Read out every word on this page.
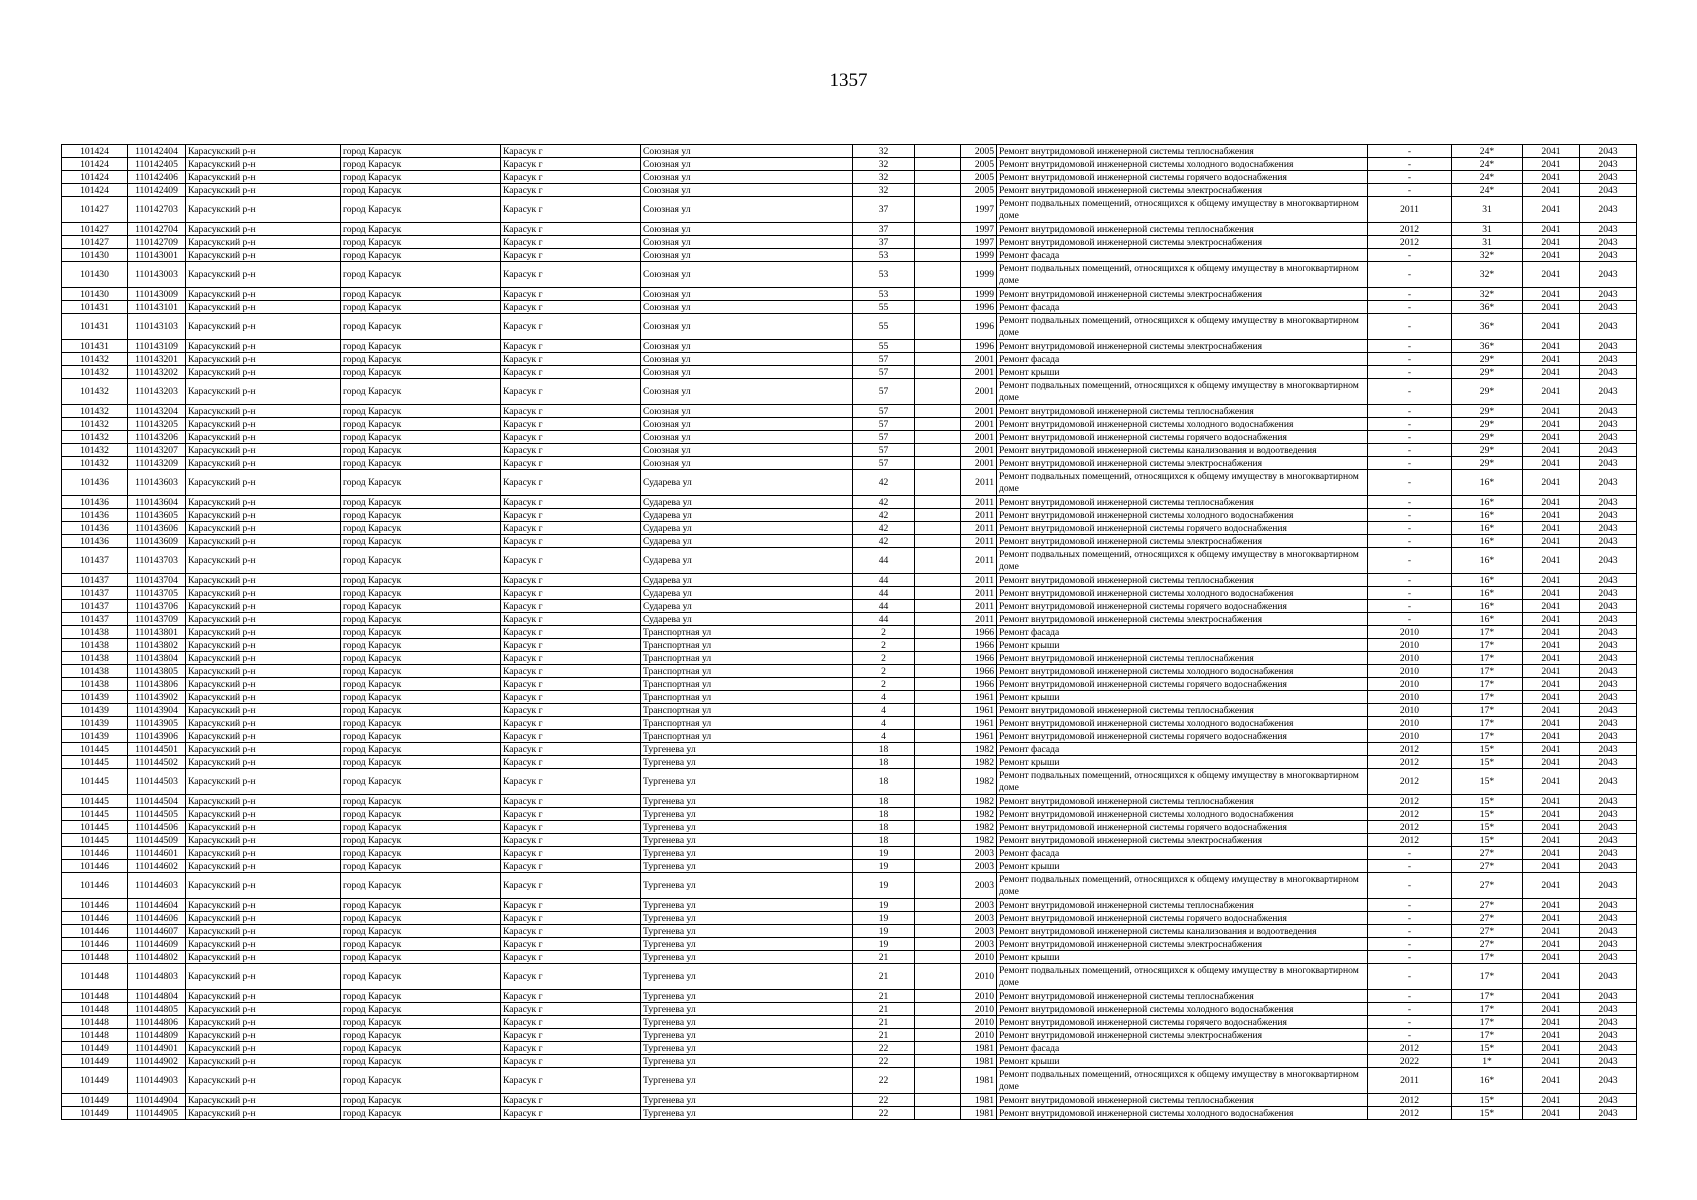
1357
101424	110142404	Карасукский р-н	город Карасук	Карасук г	Союзная ул	32		2005	Ремонт внутридомовой инженерной системы теплоснабжения	-	24*	2041	2043
101424	110142405	Карасукский р-н	город Карасук	Карасук г	Союзная ул	32		2005	Ремонт внутридомовой инженерной системы холодного водоснабжения	-	24*	2041	2043
101424	110142406	Карасукский р-н	город Карасук	Карасук г	Союзная ул	32		2005	Ремонт внутридомовой инженерной системы горячего водоснабжения	-	24*	2041	2043
101424	110142409	Карасукский р-н	город Карасук	Карасук г	Союзная ул	32		2005	Ремонт внутридомовой инженерной системы электроснабжения	-	24*	2041	2043
101427	110142703	Карасукский р-н	город Карасук	Карасук г	Союзная ул	37		1997	Ремонт подвальных помещений, относящихся к общему имуществу в многоквартирном доме	2011	31	2041	2043
101427	110142704	Карасукский р-н	город Карасук	Карасук г	Союзная ул	37		1997	Ремонт внутридомовой инженерной системы теплоснабжения	2012	31	2041	2043
101427	110142709	Карасукский р-н	город Карасук	Карасук г	Союзная ул	37		1997	Ремонт внутридомовой инженерной системы электроснабжения	2012	31	2041	2043
101430	110143001	Карасукский р-н	город Карасук	Карасук г	Союзная ул	53		1999	Ремонт фасада	-	32*	2041	2043
101430	110143003	Карасукский р-н	город Карасук	Карасук г	Союзная ул	53		1999	Ремонт подвальных помещений, относящихся к общему имуществу в многоквартирном доме	-	32*	2041	2043
101430	110143009	Карасукский р-н	город Карасук	Карасук г	Союзная ул	53		1999	Ремонт внутридомовой инженерной системы электроснабжения	-	32*	2041	2043
101431	110143101	Карасукский р-н	город Карасук	Карасук г	Союзная ул	55		1996	Ремонт фасада	-	36*	2041	2043
101431	110143103	Карасукский р-н	город Карасук	Карасук г	Союзная ул	55		1996	Ремонт подвальных помещений, относящихся к общему имуществу в многоквартирном доме	-	36*	2041	2043
101431	110143109	Карасукский р-н	город Карасук	Карасук г	Союзная ул	55		1996	Ремонт внутридомовой инженерной системы электроснабжения	-	36*	2041	2043
101432	110143201	Карасукский р-н	город Карасук	Карасук г	Союзная ул	57		2001	Ремонт фасада	-	29*	2041	2043
101432	110143202	Карасукский р-н	город Карасук	Карасук г	Союзная ул	57		2001	Ремонт крыши	-	29*	2041	2043
101432	110143203	Карасукский р-н	город Карасук	Карасук г	Союзная ул	57		2001	Ремонт подвальных помещений, относящихся к общему имуществу в многоквартирном доме	-	29*	2041	2043
101432	110143204	Карасукский р-н	город Карасук	Карасук г	Союзная ул	57		2001	Ремонт внутридомовой инженерной системы теплоснабжения	-	29*	2041	2043
101432	110143205	Карасукский р-н	город Карасук	Карасук г	Союзная ул	57		2001	Ремонт внутридомовой инженерной системы холодного водоснабжения	-	29*	2041	2043
101432	110143206	Карасукский р-н	город Карасук	Карасук г	Союзная ул	57		2001	Ремонт внутридомовой инженерной системы горячего водоснабжения	-	29*	2041	2043
101432	110143207	Карасукский р-н	город Карасук	Карасук г	Союзная ул	57		2001	Ремонт внутридомовой инженерной системы канализования и водоотведения	-	29*	2041	2043
101432	110143209	Карасукский р-н	город Карасук	Карасук г	Союзная ул	57		2001	Ремонт внутридомовой инженерной системы электроснабжения	-	29*	2041	2043
101436	110143603	Карасукский р-н	город Карасук	Карасук г	Сударева ул	42		2011	Ремонт подвальных помещений, относящихся к общему имуществу в многоквартирном доме	-	16*	2041	2043
101436	110143604	Карасукский р-н	город Карасук	Карасук г	Сударева ул	42		2011	Ремонт внутридомовой инженерной системы теплоснабжения	-	16*	2041	2043
101436	110143605	Карасукский р-н	город Карасук	Карасук г	Сударева ул	42		2011	Ремонт внутридомовой инженерной системы холодного водоснабжения	-	16*	2041	2043
101436	110143606	Карасукский р-н	город Карасук	Карасук г	Сударева ул	42		2011	Ремонт внутридомовой инженерной системы горячего водоснабжения	-	16*	2041	2043
101436	110143609	Карасукский р-н	город Карасук	Карасук г	Сударева ул	42		2011	Ремонт внутридомовой инженерной системы электроснабжения	-	16*	2041	2043
101437	110143703	Карасукский р-н	город Карасук	Карасук г	Сударева ул	44		2011	Ремонт подвальных помещений, относящихся к общему имуществу в многоквартирном доме	-	16*	2041	2043
101437	110143704	Карасукский р-н	город Карасук	Карасук г	Сударева ул	44		2011	Ремонт внутридомовой инженерной системы теплоснабжения	-	16*	2041	2043
101437	110143705	Карасукский р-н	город Карасук	Карасук г	Сударева ул	44		2011	Ремонт внутридомовой инженерной системы холодного водоснабжения	-	16*	2041	2043
101437	110143706	Карасукский р-н	город Карасук	Карасук г	Сударева ул	44		2011	Ремонт внутридомовой инженерной системы горячего водоснабжения	-	16*	2041	2043
101437	110143709	Карасукский р-н	город Карасук	Карасук г	Сударева ул	44		2011	Ремонт внутридомовой инженерной системы электроснабжения	-	16*	2041	2043
101438	110143801	Карасукский р-н	город Карасук	Карасук г	Транспортная ул	2		1966	Ремонт фасада	2010	17*	2041	2043
101438	110143802	Карасукский р-н	город Карасук	Карасук г	Транспортная ул	2		1966	Ремонт крыши	2010	17*	2041	2043
101438	110143804	Карасукский р-н	город Карасук	Карасук г	Транспортная ул	2		1966	Ремонт внутридомовой инженерной системы теплоснабжения	2010	17*	2041	2043
101438	110143805	Карасукский р-н	город Карасук	Карасук г	Транспортная ул	2		1966	Ремонт внутридомовой инженерной системы холодного водоснабжения	2010	17*	2041	2043
101438	110143806	Карасукский р-н	город Карасук	Карасук г	Транспортная ул	2		1966	Ремонт внутридомовой инженерной системы горячего водоснабжения	2010	17*	2041	2043
101439	110143902	Карасукский р-н	город Карасук	Карасук г	Транспортная ул	4		1961	Ремонт крыши	2010	17*	2041	2043
101439	110143904	Карасукский р-н	город Карасук	Карасук г	Транспортная ул	4		1961	Ремонт внутридомовой инженерной системы теплоснабжения	2010	17*	2041	2043
101439	110143905	Карасукский р-н	город Карасук	Карасук г	Транспортная ул	4		1961	Ремонт внутридомовой инженерной системы холодного водоснабжения	2010	17*	2041	2043
101439	110143906	Карасукский р-н	город Карасук	Карасук г	Транспортная ул	4		1961	Ремонт внутридомовой инженерной системы горячего водоснабжения	2010	17*	2041	2043
101445	110144501	Карасукский р-н	город Карасук	Карасук г	Тургенева ул	18		1982	Ремонт фасада	2012	15*	2041	2043
101445	110144502	Карасукский р-н	город Карасук	Карасук г	Тургенева ул	18		1982	Ремонт крыши	2012	15*	2041	2043
101445	110144503	Карасукский р-н	город Карасук	Карасук г	Тургенева ул	18		1982	Ремонт подвальных помещений, относящихся к общему имуществу в многоквартирном доме	2012	15*	2041	2043
101445	110144504	Карасукский р-н	город Карасук	Карасук г	Тургенева ул	18		1982	Ремонт внутридомовой инженерной системы теплоснабжения	2012	15*	2041	2043
101445	110144505	Карасукский р-н	город Карасук	Карасук г	Тургенева ул	18		1982	Ремонт внутридомовой инженерной системы холодного водоснабжения	2012	15*	2041	2043
101445	110144506	Карасукский р-н	город Карасук	Карасук г	Тургенева ул	18		1982	Ремонт внутридомовой инженерной системы горячего водоснабжения	2012	15*	2041	2043
101445	110144509	Карасукский р-н	город Карасук	Карасук г	Тургенева ул	18		1982	Ремонт внутридомовой инженерной системы электроснабжения	2012	15*	2041	2043
101446	110144601	Карасукский р-н	город Карасук	Карасук г	Тургенева ул	19		2003	Ремонт фасада	-	27*	2041	2043
101446	110144602	Карасукский р-н	город Карасук	Карасук г	Тургенева ул	19		2003	Ремонт крыши	-	27*	2041	2043
101446	110144603	Карасукский р-н	город Карасук	Карасук г	Тургенева ул	19		2003	Ремонт подвальных помещений, относящихся к общему имуществу в многоквартирном доме	-	27*	2041	2043
101446	110144604	Карасукский р-н	город Карасук	Карасук г	Тургенева ул	19		2003	Ремонт внутридомовой инженерной системы теплоснабжения	-	27*	2041	2043
101446	110144606	Карасукский р-н	город Карасук	Карасук г	Тургенева ул	19		2003	Ремонт внутридомовой инженерной системы горячего водоснабжения	-	27*	2041	2043
101446	110144607	Карасукский р-н	город Карасук	Карасук г	Тургенева ул	19		2003	Ремонт внутридомовой инженерной системы канализования и водоотведения	-	27*	2041	2043
101446	110144609	Карасукский р-н	город Карасук	Карасук г	Тургенева ул	19		2003	Ремонт внутридомовой инженерной системы электроснабжения	-	27*	2041	2043
101448	110144802	Карасукский р-н	город Карасук	Карасук г	Тургенева ул	21		2010	Ремонт крыши	-	17*	2041	2043
101448	110144803	Карасукский р-н	город Карасук	Карасук г	Тургенева ул	21		2010	Ремонт подвальных помещений, относящихся к общему имуществу в многоквартирном доме	-	17*	2041	2043
101448	110144804	Карасукский р-н	город Карасук	Карасук г	Тургенева ул	21		2010	Ремонт внутридомовой инженерной системы теплоснабжения	-	17*	2041	2043
101448	110144805	Карасукский р-н	город Карасук	Карасук г	Тургенева ул	21		2010	Ремонт внутридомовой инженерной системы холодного водоснабжения	-	17*	2041	2043
101448	110144806	Карасукский р-н	город Карасук	Карасук г	Тургенева ул	21		2010	Ремонт внутридомовой инженерной системы горячего водоснабжения	-	17*	2041	2043
101448	110144809	Карасукский р-н	город Карасук	Карасук г	Тургенева ул	21		2010	Ремонт внутридомовой инженерной системы электроснабжения	-	17*	2041	2043
101449	110144901	Карасукский р-н	город Карасук	Карасук г	Тургенева ул	22		1981	Ремонт фасада	2012	15*	2041	2043
101449	110144902	Карасукский р-н	город Карасук	Карасук г	Тургенева ул	22		1981	Ремонт крыши	2022	1*	2041	2043
101449	110144903	Карасукский р-н	город Карасук	Карасук г	Тургенева ул	22		1981	Ремонт подвальных помещений, относящихся к общему имуществу в многоквартирном доме	2011	16*	2041	2043
101449	110144904	Карасукский р-н	город Карасук	Карасук г	Тургенева ул	22		1981	Ремонт внутридомовой инженерной системы теплоснабжения	2012	15*	2041	2043
101449	110144905	Карасукский р-н	город Карасук	Карасук г	Тургенева ул	22		1981	Ремонт внутридомовой инженерной системы холодного водоснабжения	2012	15*	2041	2043
